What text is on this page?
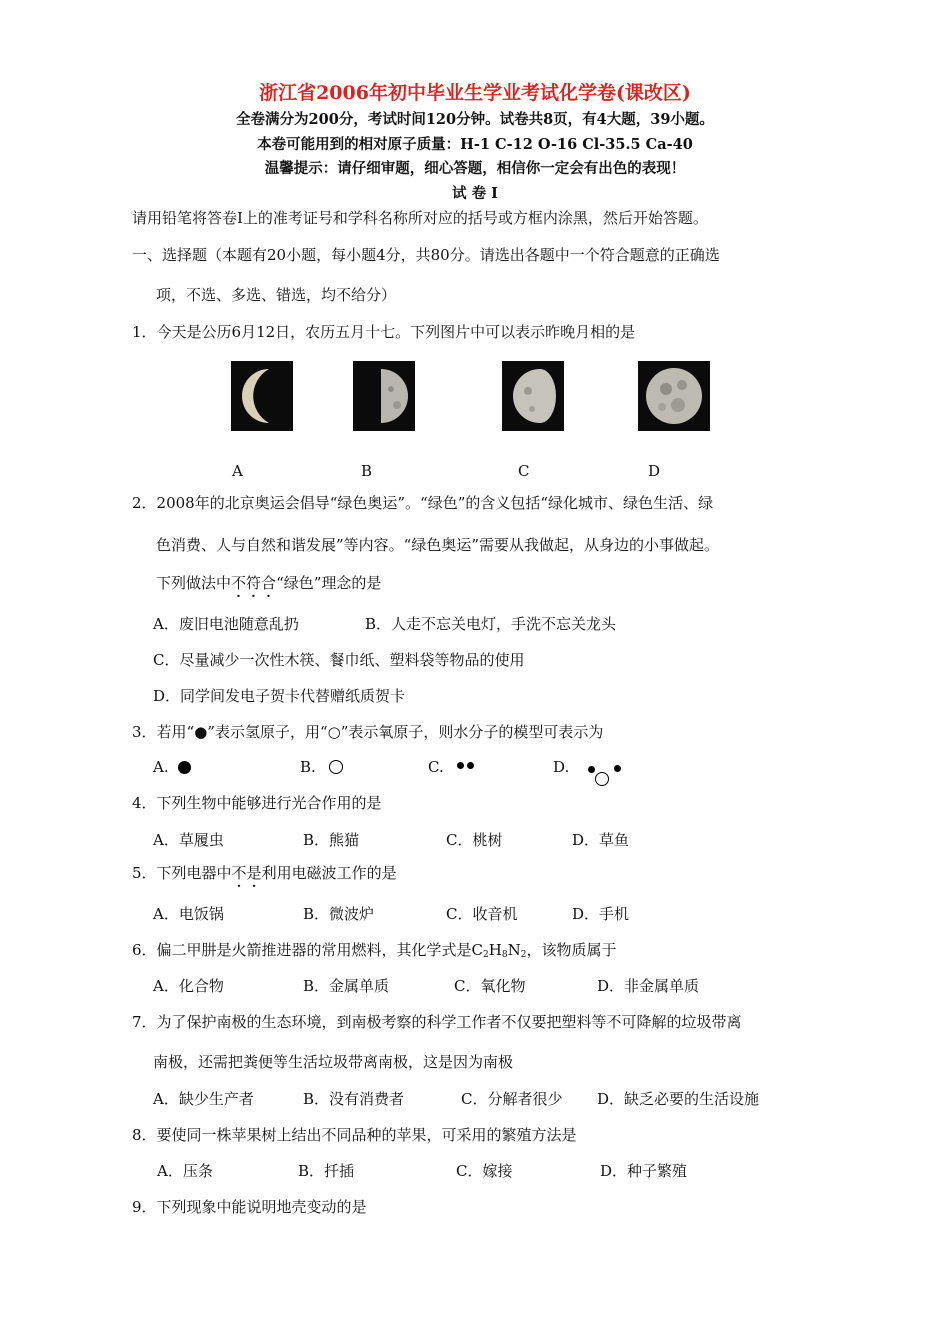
浙江省2006年初中毕业生学业考试化学卷(课改区)
全卷满分为200分，考试时间120分钟。试卷共8页，有4大题，39小题。
本卷可能用到的相对原子质量：H-1 C-12 O-16 Cl-35.5 Ca-40
温馨提示：请仔细审题，细心答题，相信你一定会有出色的表现！
试 卷 Ⅰ
请用铅笔将答卷Ⅰ上的准考证号和学科名称所对应的括号或方框内涂黑，然后开始答题。
一、选择题（本题有20小题，每小题4分，共80分。请选出各题中一个符合题意的正确选
项，不选、多选、错选，均不给分）
1．今天是公历6月12日，农历五月十七。下列图片中可以表示昨晚月相的是
A	B	C	D
2．2008年的北京奥运会倡导“绿色奥运”。“绿色”的含义包括“绿化城市、绿色生活、绿
色消费、人与自然和谐发展”等内容。“绿色奥运”需要从我做起，从身边的小事做起。
下列做法中不符合“绿色”理念的是
A．废旧电池随意乱扔	B．人走不忘关电灯，手洗不忘关龙头
C．尽量减少一次性木筷、餐巾纸、塑料袋等物品的使用
D．同学间发电子贺卡代替赠纸质贺卡
3．若用“●”表示氢原子，用“○”表示氧原子，则水分子的模型可表示为
A.	B.	C.	D.
4．下列生物中能够进行光合作用的是
A．草履虫	B．熊猫	C．桃树	D．草鱼
5．下列电器中不是利用电磁波工作的是
A．电饭锅	B．微波炉	C．收音机	D．手机
6．偏二甲肼是火箭推进器的常用燃料，其化学式是$C_2H_8N_2$，该物质属于
A．化合物	B．金属单质	C．氧化物	D．非金属单质
7．为了保护南极的生态环境，到南极考察的科学工作者不仅要把塑料等不可降解的垃圾带离
南极，还需把粪便等生活垃圾带离南极，这是因为南极
A．缺少生产者	B．没有消费者	C．分解者很少 D．缺乏必要的生活设施
8．要使同一株苹果树上结出不同品种的苹果，可采用的繁殖方法是
A．压条	B．扦插	C．嫁接	D．种子繁殖
9．下列现象中能说明地壳变动的是
